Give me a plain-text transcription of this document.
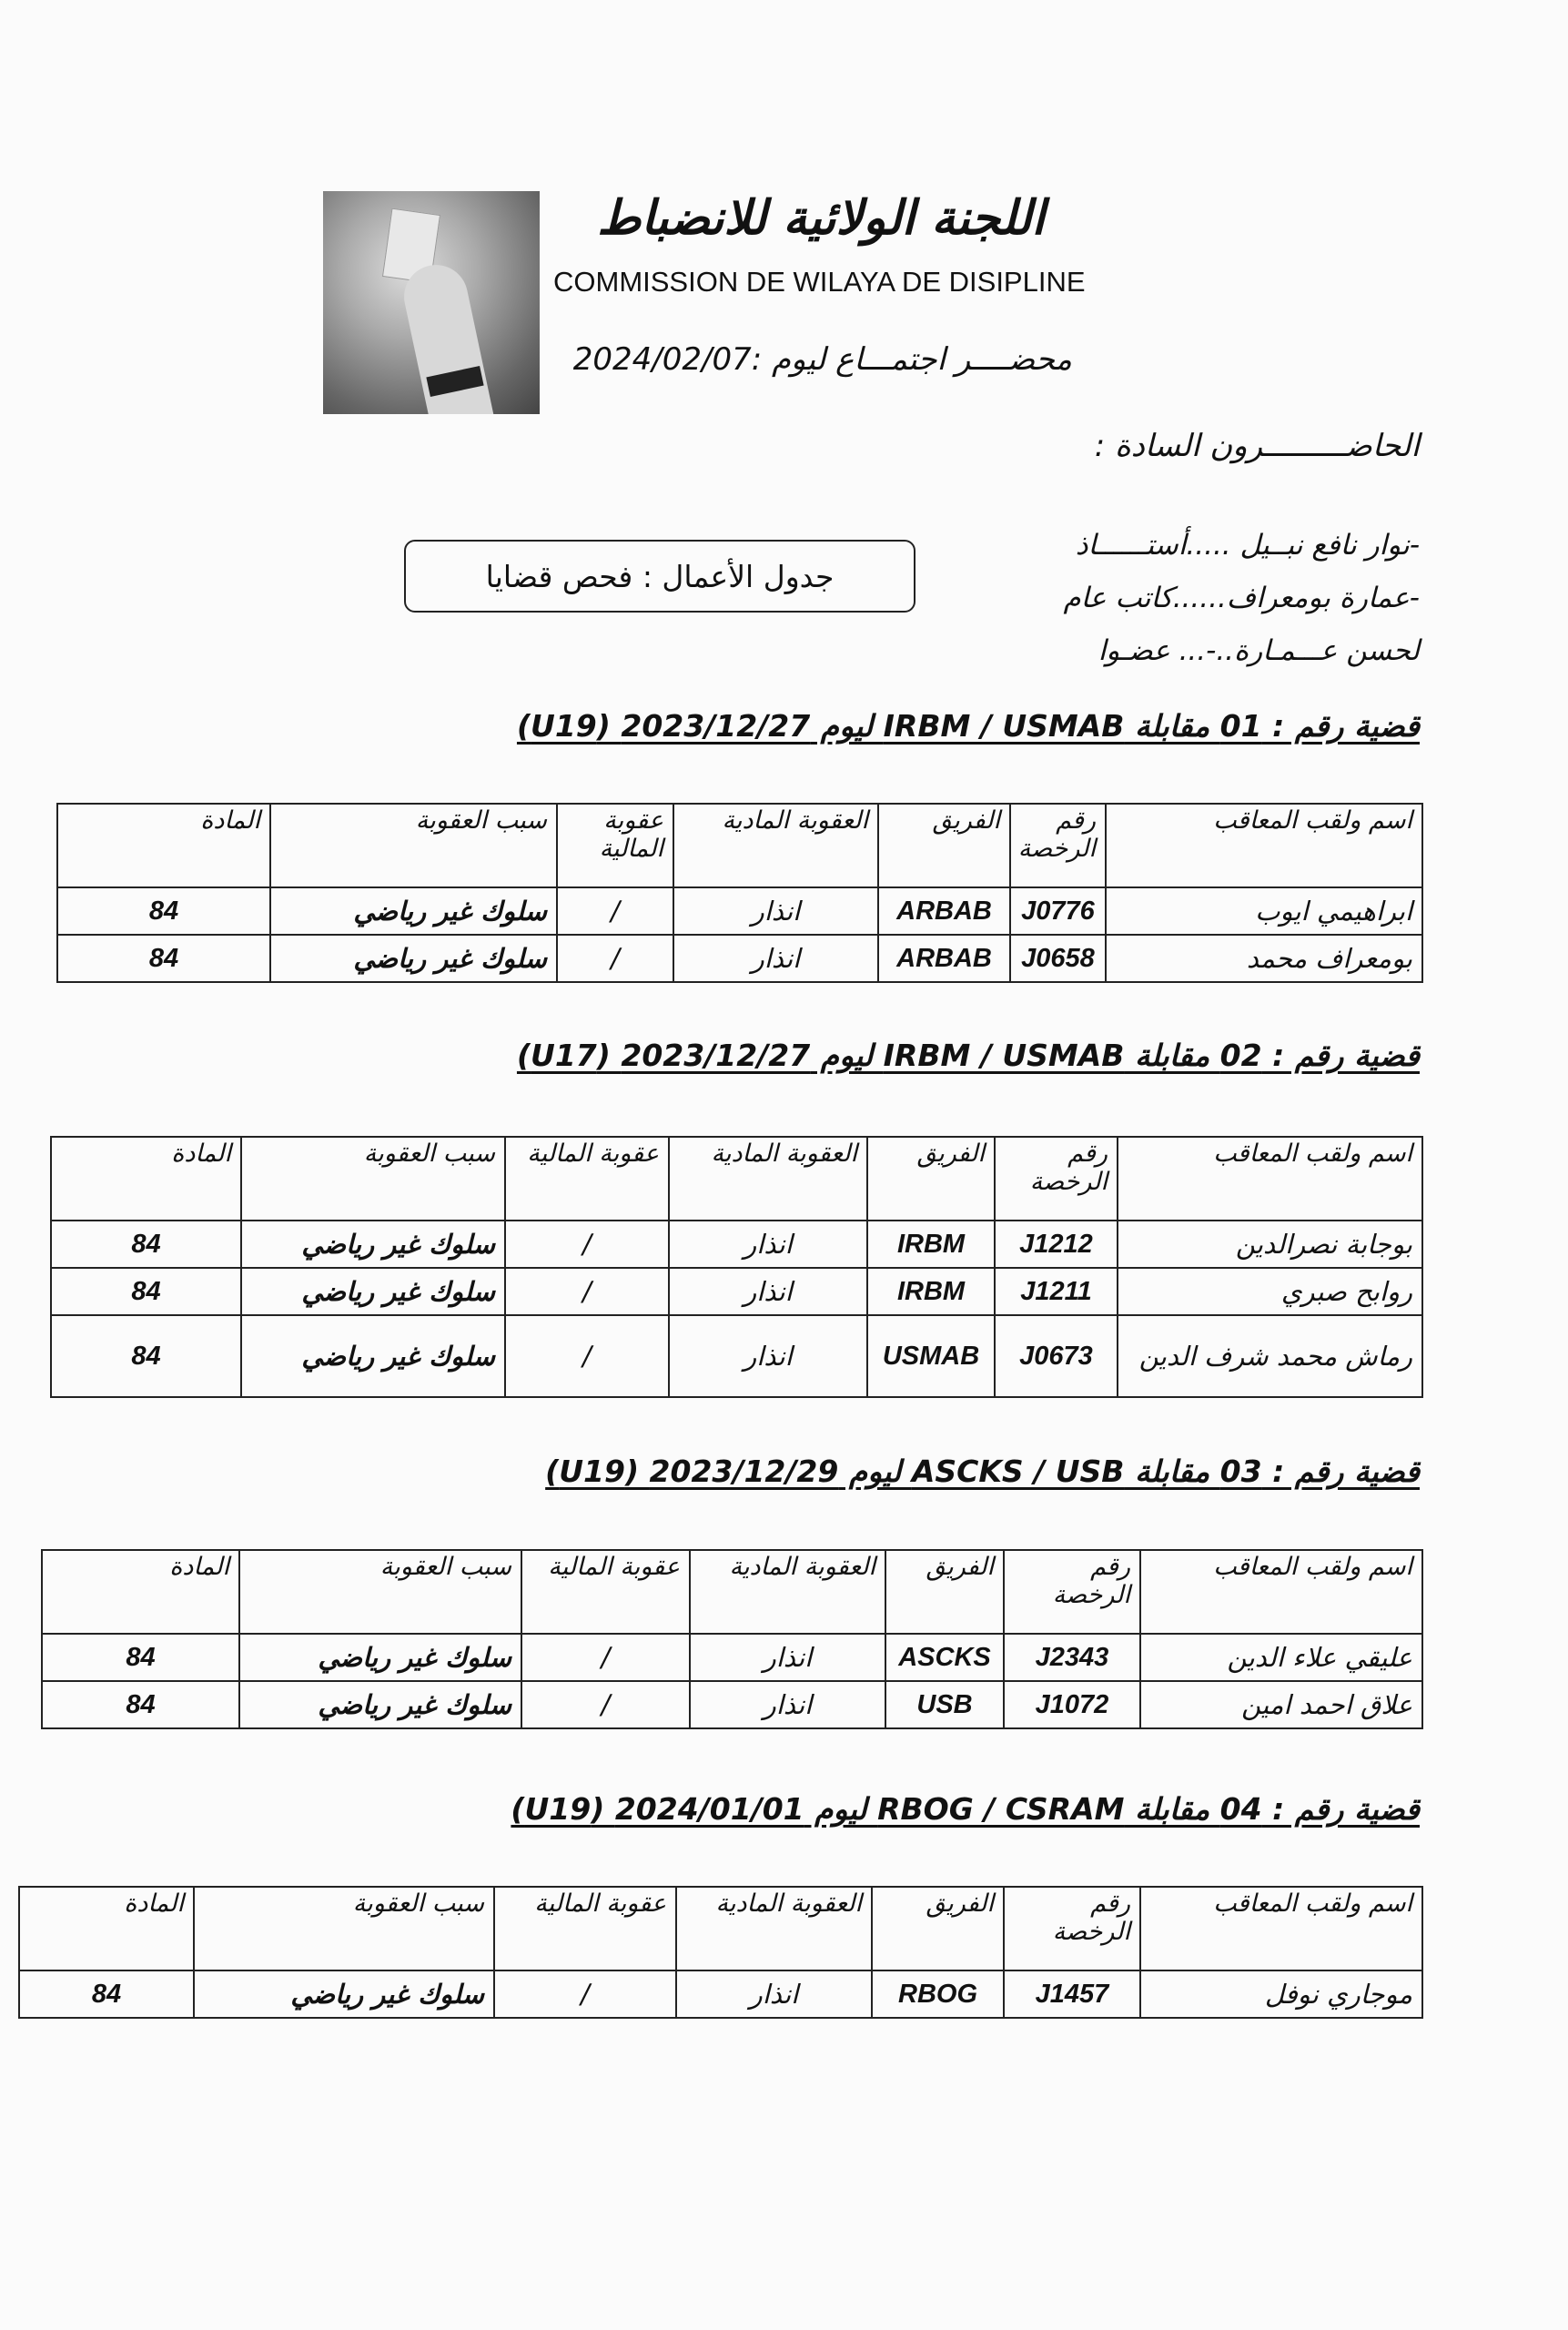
اللجنة الولائية للانضباط
COMMISSION DE WILAYA DE DISIPLINE
محضــــر اجتمـــاع ليوم :2024/02/07
الحاضـــــــــرون السادة :
-نوار نافع نبــيل .....أستــــــاذ
-عمارة بومعراف......كاتب عام
لحسن عـــمـارة..-... عضـوا
جدول الأعمال : فحص قضايا
قضية رقم : 01 مقابلة IRBM / USMAB ليوم 2023/12/27 (U19)
اسم ولقب المعاقب	رقم الرخصة	الفريق	العقوبة المادية	عقوبة المالية	سبب العقوبة	المادة
ابراهيمي ايوب	J0776	ARBAB	انذار	/	سلوك غير رياضي	84
بومعراف محمد	J0658	ARBAB	انذار	/	سلوك غير رياضي	84
قضية رقم : 02 مقابلة IRBM / USMAB ليوم 2023/12/27 (U17)
اسم ولقب المعاقب	رقم الرخصة	الفريق	العقوبة المادية	عقوبة المالية	سبب العقوبة	المادة
بوجابة نصرالدين	J1212	IRBM	انذار	/	سلوك غير رياضي	84
روابح صبري	J1211	IRBM	انذار	/	سلوك غير رياضي	84
رماش محمد شرف الدين	J0673	USMAB	انذار	/	سلوك غير رياضي	84
قضية رقم : 03 مقابلة ASCKS / USB ليوم 2023/12/29 (U19)
اسم ولقب المعاقب	رقم الرخصة	الفريق	العقوبة المادية	عقوبة المالية	سبب العقوبة	المادة
عليقي علاء الدين	J2343	ASCKS	انذار	/	سلوك غير رياضي	84
علاق احمد امين	J1072	USB	انذار	/	سلوك غير رياضي	84
قضية رقم : 04 مقابلة RBOG / CSRAM ليوم 2024/01/01 (U19)
اسم ولقب المعاقب	رقم الرخصة	الفريق	العقوبة المادية	عقوبة المالية	سبب العقوبة	المادة
موجاري نوفل	J1457	RBOG	انذار	/	سلوك غير رياضي	84
